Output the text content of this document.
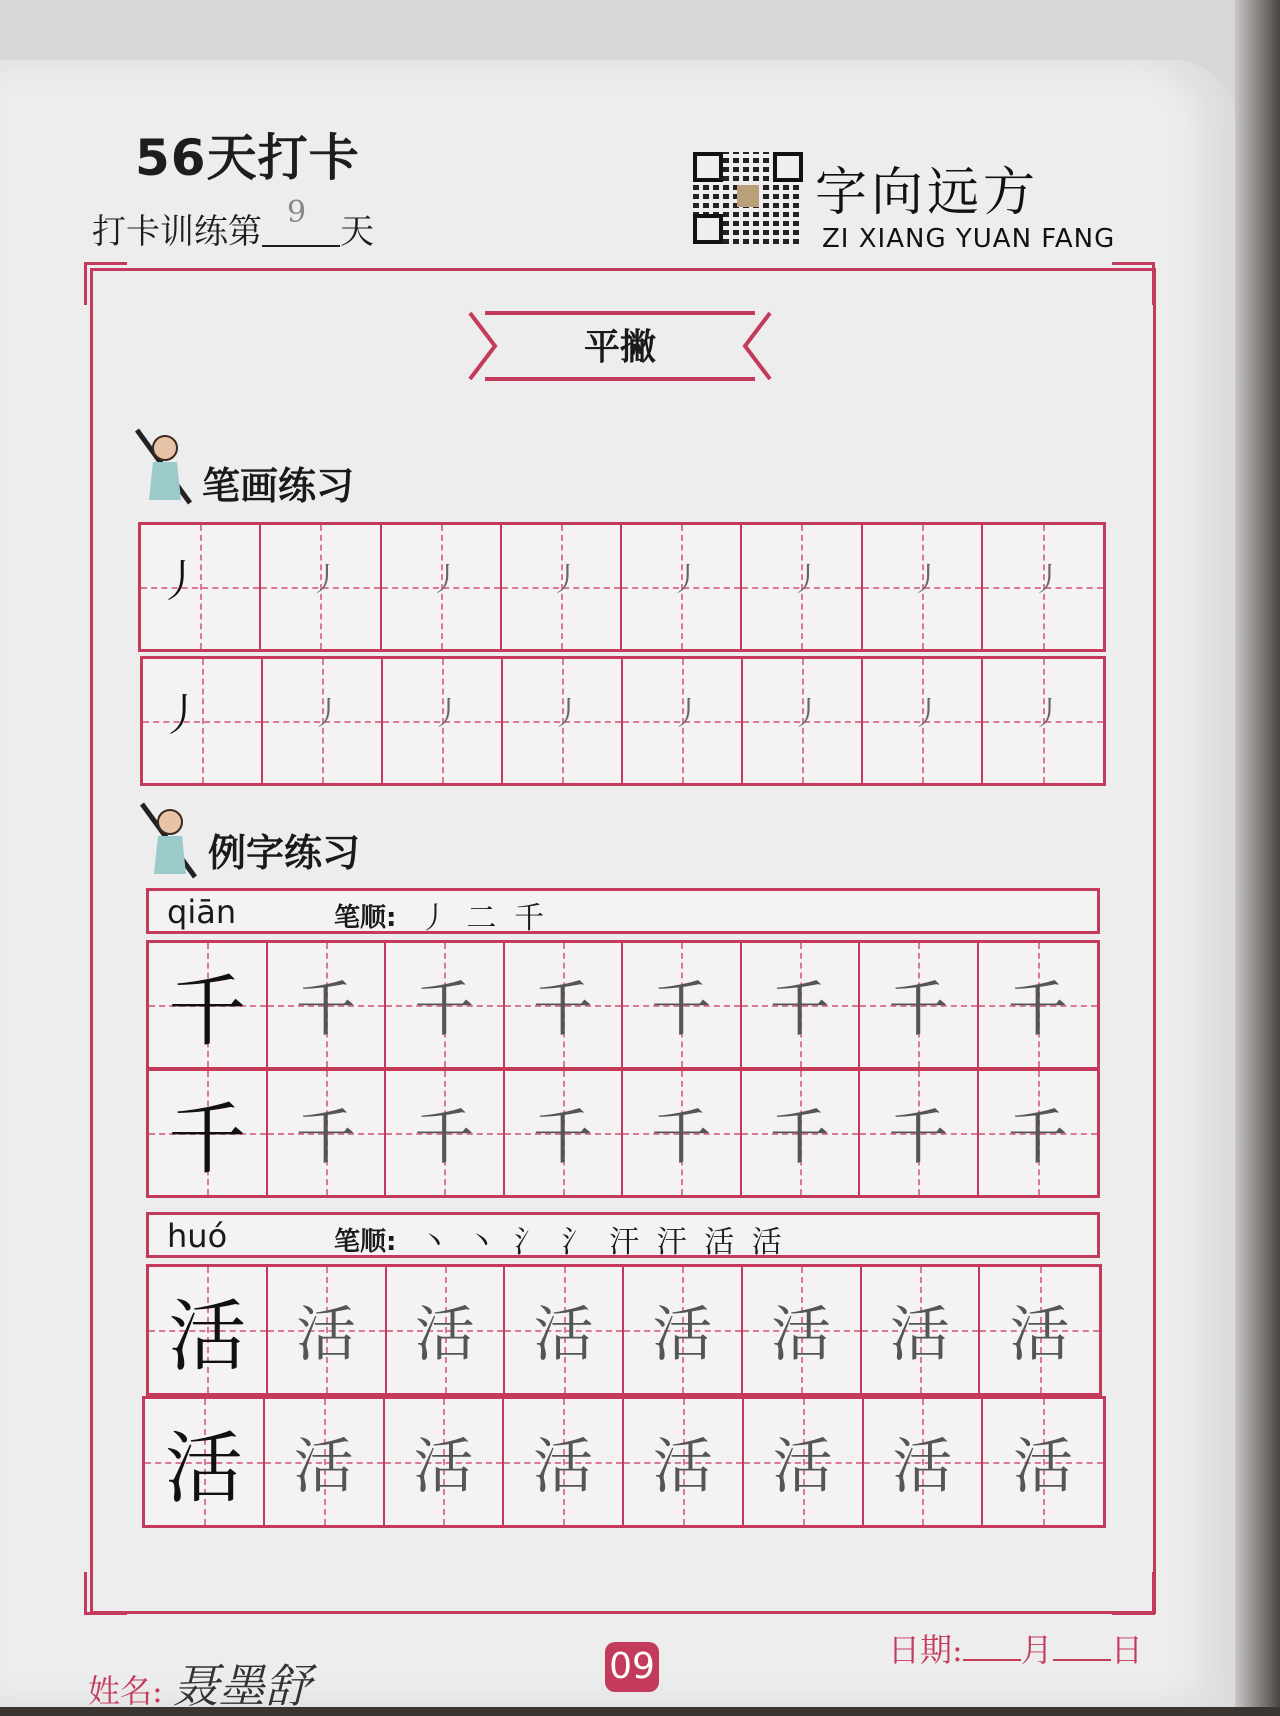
56天打卡
打卡训练第 9 天
字向远方
ZI XIANG YUAN FANG
平撇
笔画练习
丿	丿	丿	丿	丿	丿	丿	丿
丿	丿	丿	丿	丿	丿	丿	丿
例字练习
qiān	笔顺: 丿 二 千
千 千 千 千 千 千 千 千
千 千 千 千 千 千 千 千
huó	笔顺: 丶 丶 氵 氵 汗 汗 活 活
活 活 活 活 活 活 活 活
活 活 活 活 活 活 活 活
姓名: 聂墨舒	09	日期: 月 日
